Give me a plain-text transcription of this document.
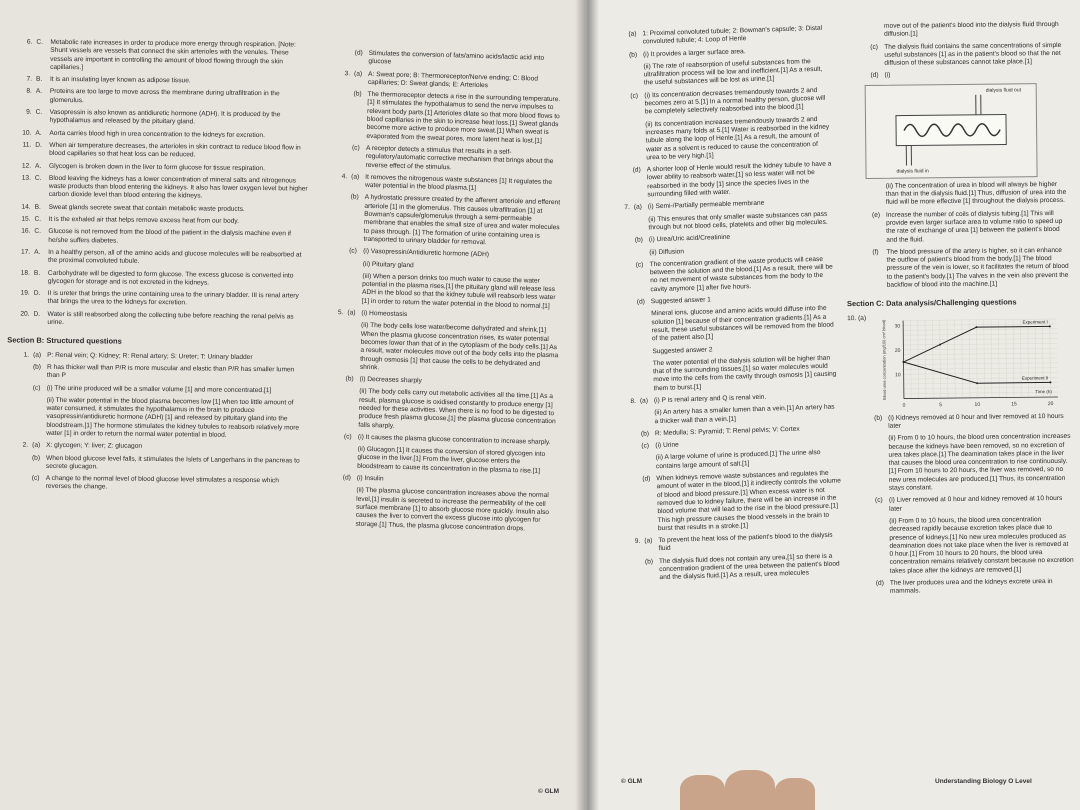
6. C.	Metabolic rate increases in order to produce more energy through respiration. [Note: Shunt vessels are vessels that connect the skin arterioles with the venules. These vessels are important in controlling the amount of blood flowing through the skin capillaries.]
7. B.	It is an insulating layer known as adipose tissue.
8. A.	Proteins are too large to move across the membrane during ultrafiltration in the glomerulus.
9. C.	Vasopressin is also known as antidiuretic hormone (ADH). It is produced by the hypothalamus and released by the pituitary gland.
10. A.	Aorta carries blood high in urea concentration to the kidneys for excretion.
11. D.	When air temperature decreases, the arterioles in skin contract to reduce blood flow in blood capillaries so that heat loss can be reduced.
12. A.	Glycogen is broken down in the liver to form glucose for tissue respiration.
13. C.	Blood leaving the kidneys has a lower concentration of mineral salts and nitrogenous waste products than blood entering the kidneys. It also has lower oxygen level but higher carbon dioxide level than blood entering the kidneys.
14. B.	Sweat glands secrete sweat that contain metabolic waste products.
15. C.	It is the exhaled air that helps remove excess heat from our body.
16. C.	Glucose is not removed from the blood of the patient in the dialysis machine even if he/she suffers diabetes.
17. A.	In a healthy person, all of the amino acids and glucose molecules will be reabsorbed at the proximal convoluted tubule.
18. B.	Carbohydrate will be digested to form glucose. The excess glucose is converted into glycogen for storage and is not excreted in the kidneys.
19. D.	II is ureter that brings the urine containing urea to the urinary bladder. III is renal artery that brings the urea to the kidneys for excretion.
20. D.	Water is still reabsorbed along the collecting tube before reaching the renal pelvis as urine.
Section B: Structured questions
1. (a) P: Renal vein; Q: Kidney; R: Renal artery; S: Ureter; T: Urinary bladder
(b) R has thicker wall than P/R is more muscular and elastic than P/R has smaller lumen than P
(c) (i) The urine produced will be a smaller volume [1] and more concentrated.[1]
(ii) The water potential in the blood plasma becomes low [1] when too little amount of water consumed, it stimulates the hypothalamus in the brain to produce vasopressin/antidiuretic hormone (ADH) [1] and released by pituitary gland into the bloodstream.[1] The hormone stimulates the kidney tubules to reabsorb relatively more water [1] in order to return the normal water potential in blood.
2. (a) X: glycogen; Y: liver; Z: glucagon
(b) When blood glucose level falls, it stimulates the Islets of Langerhans in the pancreas to secrete glucagon.
(c) A change to the normal level of blood glucose level stimulates a response which reverses the change.
(d) Stimulates the conversion of fats/amino acids/lactic acid into glucose
3. (a) A: Sweat pore; B: Thermoreceptor/Nerve ending; C: Blood capillaries; D: Sweat glands; E: Arterioles
(b) The thermoreceptor detects a rise in the surrounding temperature.[1] It stimulates the hypothalamus to send the nerve impulses to relevant body parts.[1] Arterioles dilate so that more blood flows to blood capillaries in the skin to increase heat loss.[1] Sweat glands become more active to produce more sweat.[1] When sweat is evaporated from the sweat pores, more latent heat is lost.[1]
(c) A receptor detects a stimulus that results in a self-regulatory/automatic corrective mechanism that brings about the reverse effect of the stimulus.
4. (a) It removes the nitrogenous waste substances [1] It regulates the water potential in the blood plasma.[1]
(b) A hydrostatic pressure created by the afferent arteriole and efferent arteriole [1] in the glomerulus. This causes ultrafiltration [1] at Bowman's capsule/glomerulus through a semi-permeable membrane that enables the small size of urea and water molecules to pass through. [1] The formation of urine containing urea is transported to urinary bladder for removal.
(c) (i) Vasopressin/Antidiuretic hormone (ADH)
(ii) Pituitary gland
(iii) When a person drinks too much water to cause the water potential in the plasma rises,[1] the pituitary gland will release less ADH in the blood so that the kidney tubule will reabsorb less water [1] in order to return the water potential in the blood to normal.[1]
5. (a) (i) Homeostasis
(ii) The body cells lose water/become dehydrated and shrink.[1] When the plasma glucose concentration rises, its water potential becomes lower than that of in the cytoplasm of the body cells.[1] As a result, water molecules move out of the body cells into the plasma through osmosis [1] that cause the cells to be dehydrated and shrink.
(b) (i) Decreases sharply
(ii) The body cells carry out metabolic activities all the time.[1] As a result, plasma glucose is oxidised constantly to produce energy [1] needed for these activities. When there is no food to be digested to produce fresh plasma glucose,[1] the plasma glucose concentration falls sharply.
(c) (i) It causes the plasma glucose concentration to increase sharply.
(ii) Glucagon.[1] It causes the conversion of stored glycogen into glucose in the liver.[1] From the liver, glucose enters the bloodstream to cause its concentration in the plasma to rise.[1]
(d) (i) Insulin
(ii) The plasma glucose concentration increases above the normal level,[1] insulin is secreted to increase the permeability of the cell surface membrane [1] to absorb glucose more quickly. Insulin also causes the liver to convert the excess glucose into glycogen for storage.[1] Thus, the plasma glucose concentration drops.
© GLM
(a) 1: Proximal convoluted tubule; 2: Bowman's capsule; 3: Distal convoluted tubule; 4: Loop of Henle
(b) (i) It provides a larger surface area.
(ii) The rate of reabsorption of useful substances from the ultrafiltration process will be low and inefficient.[1] As a result, the useful substances will be lost as urine.[1]
(c) (i) Its concentration decreases tremendously towards 2 and becomes zero at 5.[1] In a normal healthy person, glucose will be completely selectively reabsorbed into the blood.[1]
(ii) Its concentration increases tremendously towards 2 and increases many folds at 5.[1] Water is reabsorbed in the kidney tubule along the loop of Henle.[1] As a result, the amount of water as a solvent is reduced to cause the concentration of urea to be very high.[1]
(d) A shorter loop of Henle would result the kidney tubule to have a lower ability to reabsorb water,[1] so less water will not be reabsorbed in the body [1] since the species lives in the surrounding filled with water.
7. (a) (i) Semi-/Partially permeable membrane
(ii) This ensures that only smaller waste substances can pass through but not blood cells, platelets and other big molecules.
(b) (i) Urea/Uric acid/Creatinine
(ii) Diffusion
(c) The concentration gradient of the waste products will cease between the solution and the blood.[1] As a result, there will be no net movement of waste substances from the body to the cavity anymore [1] after five hours.
(d) Suggested answer 1
Mineral ions, glucose and amino acids would diffuse into the solution [1] because of their concentration gradients.[1] As a result, these useful substances will be removed from the blood of the patient also.[1]
Suggested answer 2
The water potential of the dialysis solution will be higher than that of the surrounding tissues,[1] so water molecules would move into the cells from the cavity through osmosis [1] causing them to burst.[1]
8. (a) (i) P is renal artery and Q is renal vein.
(ii) An artery has a smaller lumen than a vein.[1] An artery has a thicker wall than a vein.[1]
(b) R: Medulla; S: Pyramid; T: Renal pelvis; V: Cortex
(c) (i) Urine
(ii) A large volume of urine is produced.[1] The urine also contains large amount of salt.[1]
(d) When kidneys remove waste substances and regulates the amount of water in the blood,[1] it indirectly controls the volume of blood and blood pressure.[1] When excess water is not removed due to kidney failure, there will be an increase in the blood volume that will lead to the rise in the blood pressure.[1] This high pressure causes the blood vessels in the brain to burst that results in a stroke.[1]
9. (a) To prevent the heat loss of the patient's blood to the dialysis fluid
(b) The dialysis fluid does not contain any urea,[1] so there is a concentration gradient of the urea between the patient's blood and the dialysis fluid.[1] As a result, urea molecules
move out of the patient's blood into the dialysis fluid through diffusion.[1]
(c) The dialysis fluid contains the same concentrations of simple useful substances [1] as in the patient's blood so that the net diffusion of these substances cannot take place.[1]
(d) (i)
dialysis fluid out
dialysis fluid in
(ii) The concentration of urea in blood will always be higher than that in the dialysis fluid.[1] Thus, diffusion of urea into the fluid will be more effective [1] throughout the dialysis process.
(e) Increase the number of coils of dialysis tubing.[1] This will provide even larger surface area to volume ratio to speed up the rate of exchange of urea [1] between the patient's blood and the fluid.
(f)	The blood pressure of the artery is higher, so it can enhance the outflow of patient's blood from the body.[1] The blood pressure of the vein is lower, so it facilitates the return of blood to the patient's body.[1] The valves in the vein also prevent the backflow of blood into the machine.[1]
Section C: Data analysis/Challenging questions
10. (a)
0	5	10	15	20
10
20
30
Time (h)
Blood urea concentration (mg/100 cm³ blood)	Experiment I
Experiment II
(b) (i) Kidneys removed at 0 hour and liver removed at 10 hours later
(ii) From 0 to 10 hours, the blood urea concentration increases because the kidneys have been removed, so no excretion of urea takes place.[1] The deamination takes place in the liver that causes the blood urea concentration to rise continuously.[1] From 10 hours to 20 hours, the liver was removed, so no new urea molecules are produced.[1] Thus, its concentration stays constant.
(c) (i) Liver removed at 0 hour and kidney removed at 10 hours later
(ii) From 0 to 10 hours, the blood urea concentration decreased rapidly because excretion takes place due to presence of kidneys.[1] No new urea molecules produced as deamination does not take place when the liver is removed at 0 hour.[1] From 10 hours to 20 hours, the blood urea concentration remains relatively constant because no excretion takes place after the kidneys are removed.[1]
(d) The liver produces urea and the kidneys excrete urea in mammals.
© GLM	Understanding Biology O Level
